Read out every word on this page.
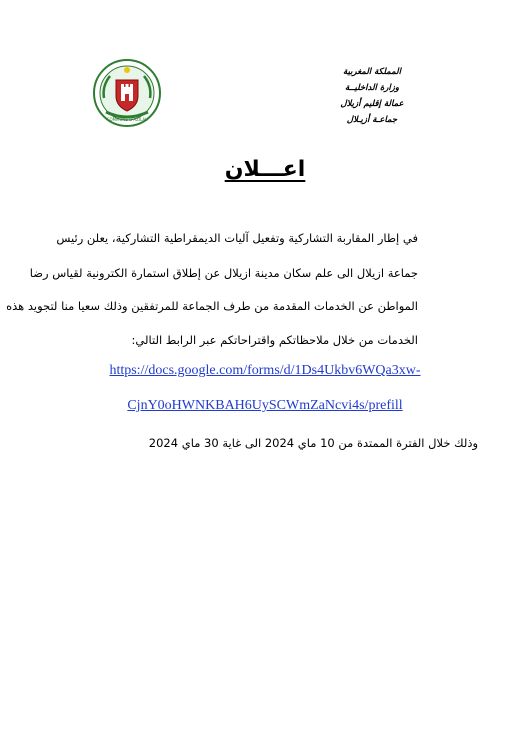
COMMUNE D'AZILAL
المملكة المغربية
وزارة الداخليــة
عمالة إقليم أزيلال
جماعـة أزيـلال
اعـــلان
في إطار المقاربة التشاركية وتفعيل آليات الديمقراطية التشاركية، يعلن رئيس
جماعة ازيلال الى علم سكان مدينة ازيلال عن إطلاق استمارة الكترونية لقياس رضا
المواطن عن الخدمات المقدمة من طرف الجماعة للمرتفقين وذلك سعيا منا لتجويد هذه
الخدمات من خلال ملاحظاتكم واقتراحاتكم عبر الرابط التالي:
https://docs.google.com/forms/d/1Ds4Ukbv6WQa3xw-
CjnY0oHWNKBAH6UySCWmZaNcvi4s/prefill
وذلك خلال الفترة الممتدة من 10 ماي 2024 الى غاية 30 ماي 2024
